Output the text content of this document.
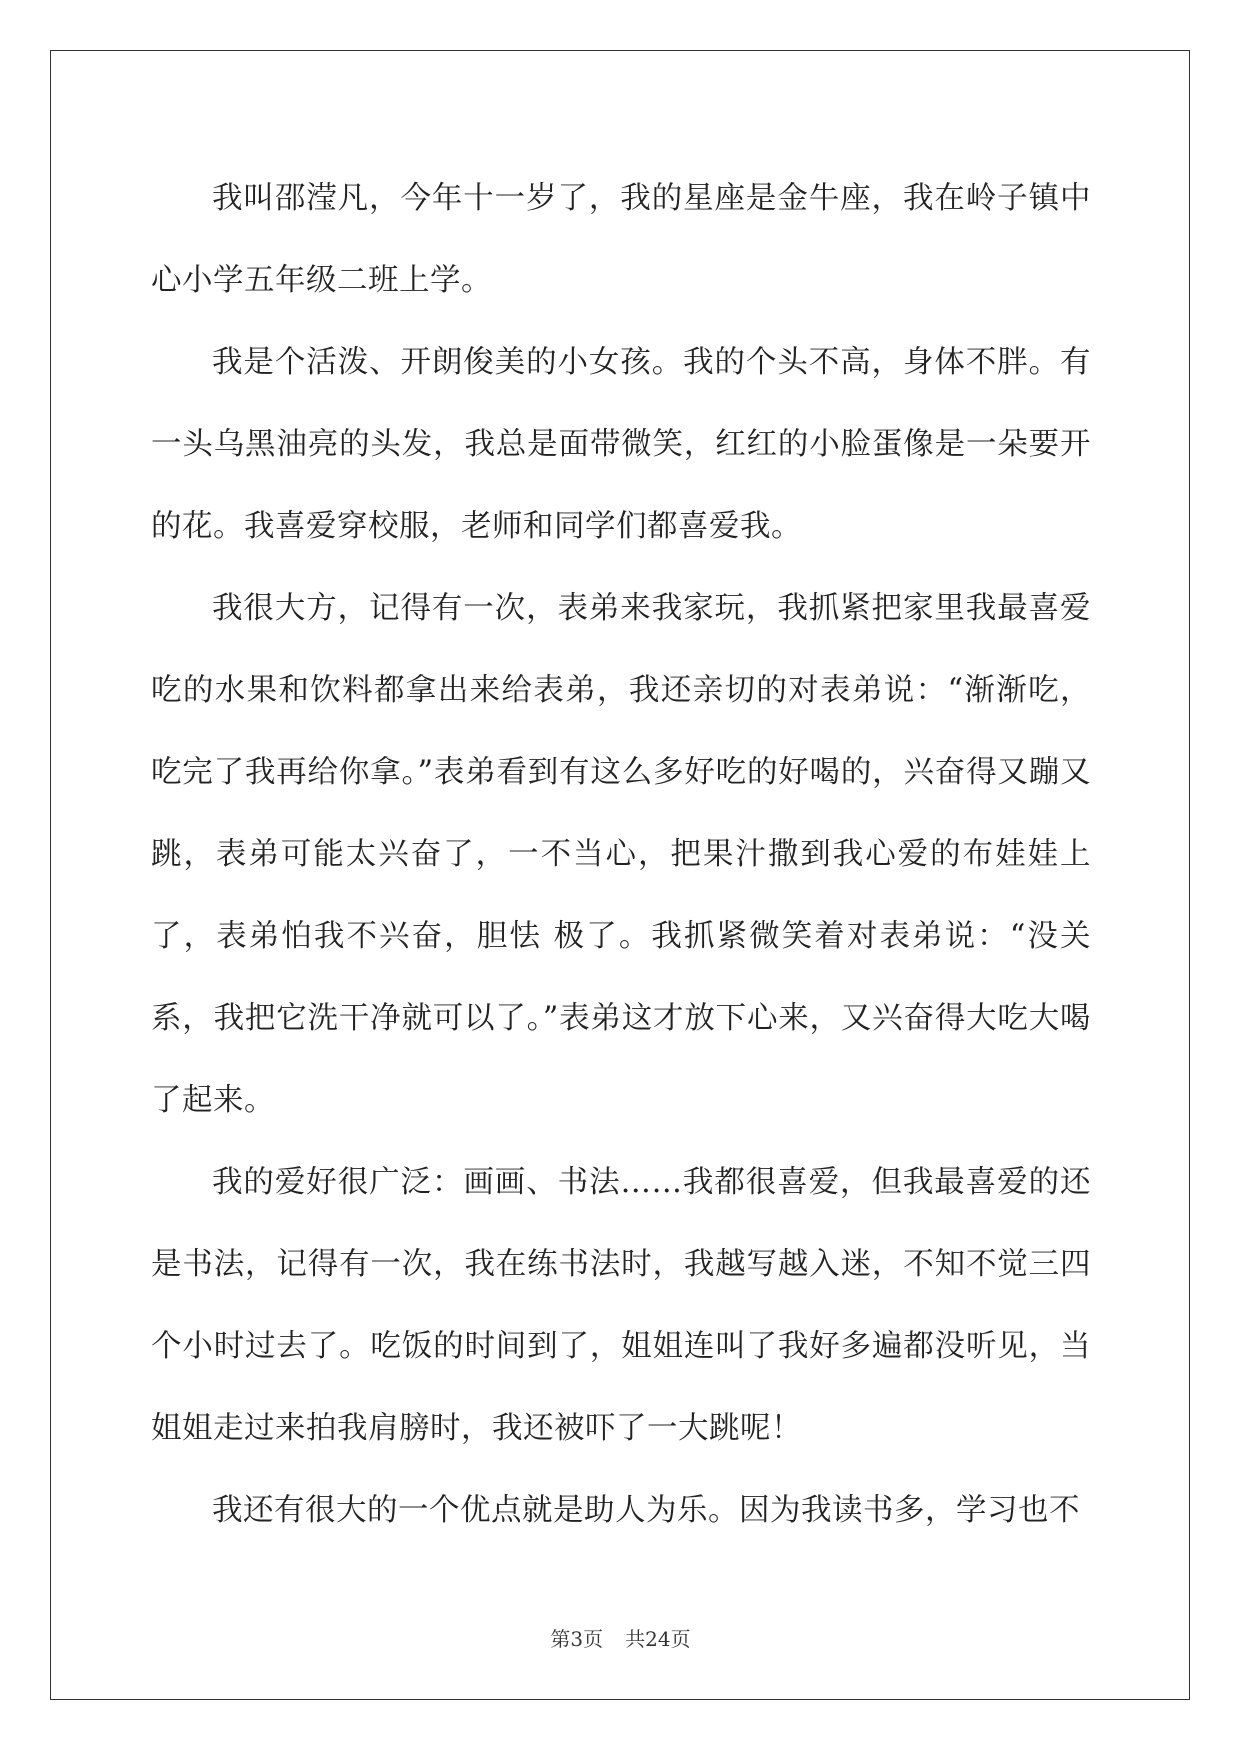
我叫邵滢凡，今年十一岁了，我的星座是金牛座，我在岭子镇中心小学五年级二班上学。

我是个活泼、开朗俊美的小女孩。我的个头不高，身体不胖。有一头乌黑油亮的头发，我总是面带微笑，红红的小脸蛋像是一朵要开的花。我喜爱穿校服，老师和同学们都喜爱我。

我很大方，记得有一次，表弟来我家玩，我抓紧把家里我最喜爱吃的水果和饮料都拿出来给表弟，我还亲切的对表弟说：“渐渐吃，吃完了我再给你拿。”表弟看到有这么多好吃的好喝的，兴奋得又蹦又跳，表弟可能太兴奋了，一不当心，把果汁撒到我心爱的布娃娃上了，表弟怕我不兴奋，胆怯 极了。我抓紧微笑着对表弟说：“没关系，我把它洗干净就可以了。”表弟这才放下心来，又兴奋得大吃大喝了起来。

我的爱好很广泛：画画、书法……我都很喜爱，但我最喜爱的还是书法，记得有一次，我在练书法时，我越写越入迷，不知不觉三四个小时过去了。吃饭的时间到了，姐姐连叫了我好多遍都没听见，当姐姐走过来拍我肩膀时，我还被吓了一大跳呢！

我还有很大的一个优点就是助人为乐。因为我读书多，学习也不

第3页 共24页
